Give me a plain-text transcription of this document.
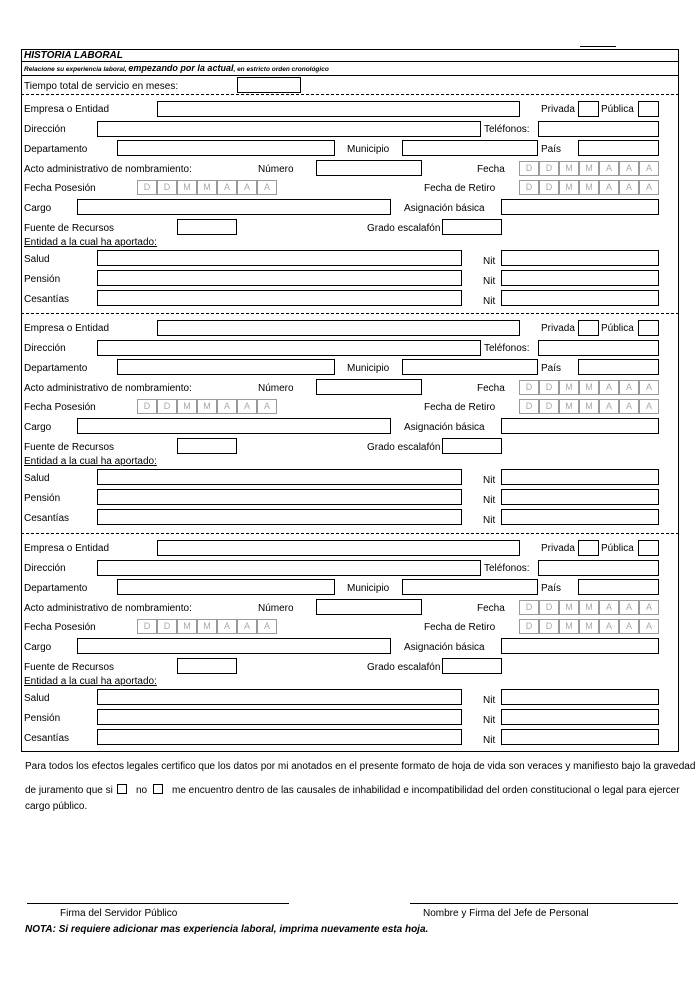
HISTORIA LABORAL
Relacione su experiencia laboral, empezando por la actual, en estricto orden cronológico
Tiempo total de servicio en meses:
Empresa o Entidad	Privada	Pública
Dirección	Teléfonos:
Departamento	Municipio	País
Acto administrativo de nombramiento:	Número	Fecha	D	D	M	M	A	A	A
Fecha Posesión	D	D	M	M	A	A	A	Fecha de Retiro	D	D	M	M	A	A	A
Cargo	Asignación básica
Fuente de Recursos	Grado escalafón
Entidad a la cual ha aportado:
Salud	Nit
Pensión	Nit
Cesantías	Nit
Empresa o Entidad	Privada	Pública
Dirección	Teléfonos:
Departamento	Municipio	País
Acto administrativo de nombramiento:	Número	Fecha	D	D	M	M	A	A	A
Fecha Posesión	D	D	M	M	A	A	A	Fecha de Retiro	D	D	M	M	A	A	A
Cargo	Asignación básica
Fuente de Recursos	Grado escalafón
Entidad a la cual ha aportado:
Salud	Nit
Pensión	Nit
Cesantías	Nit
Empresa o Entidad	Privada	Pública
Dirección	Teléfonos:
Departamento	Municipio	País
Acto administrativo de nombramiento:	Número	Fecha	D	D	M	M	A	A	A
Fecha Posesión	D	D	M	M	A	A	A	Fecha de Retiro	D	D	M	M	A	A	A
Cargo	Asignación básica
Fuente de Recursos	Grado escalafón
Entidad a la cual ha aportado:
Salud	Nit
Pensión	Nit
Cesantías	Nit
Para todos los efectos legales certifico que los datos por mi anotados en el presente formato de hoja de vida son veraces y manifiesto bajo la gravedad
de juramento que si no me encuentro dentro de las causales de inhabilidad e incompatibilidad del orden constitucional o legal para ejercer
cargo público.
Firma del Servidor Público	Nombre y Firma del Jefe de Personal
NOTA: Si requiere adicionar mas experiencia laboral, imprima nuevamente esta hoja.
